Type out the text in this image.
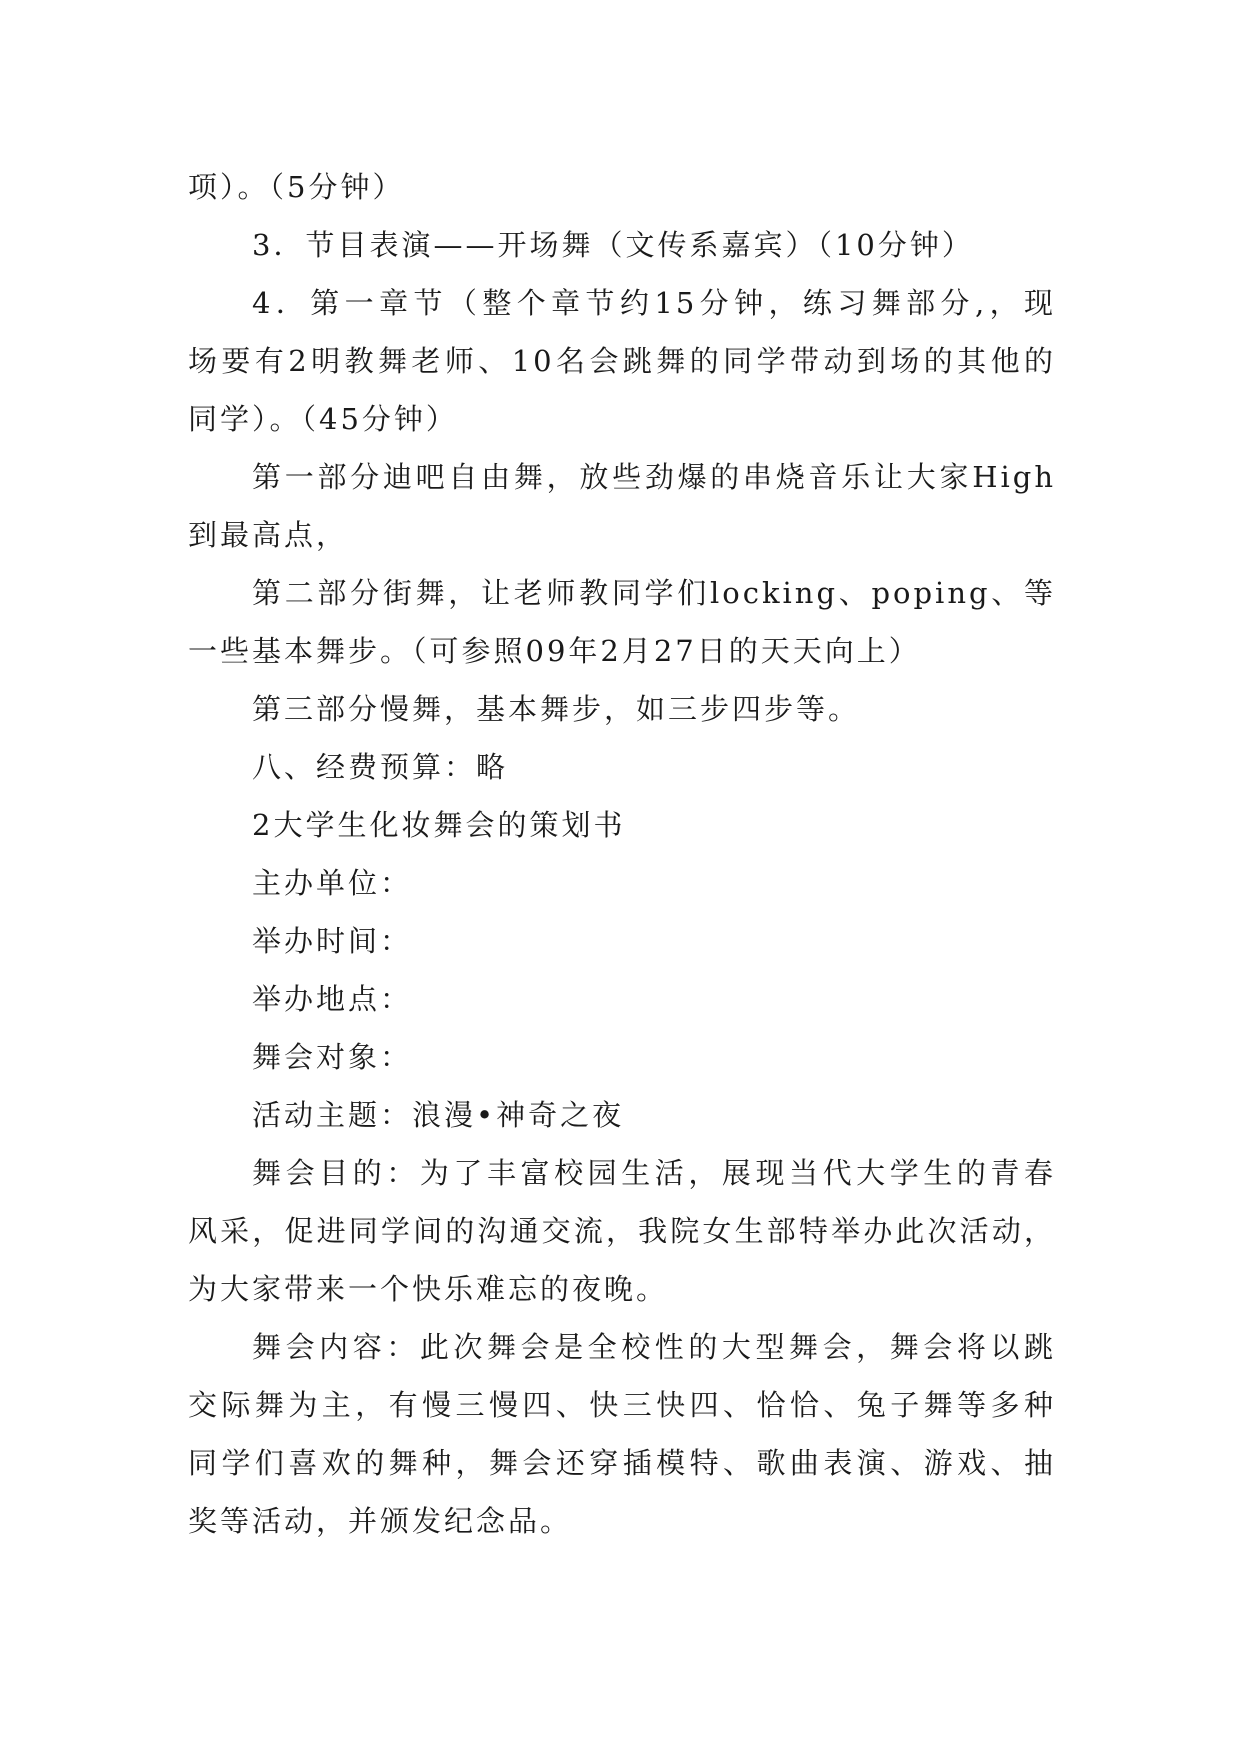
项）。（5分钟）
3．节目表演——开场舞（文传系嘉宾）（10分钟）
4．第一章节（整个章节约15分钟，练习舞部分,，现
场要有2明教舞老师、10名会跳舞的同学带动到场的其他的
同学）。（45分钟）
第一部分迪吧自由舞，放些劲爆的串烧音乐让大家High
到最高点，
第二部分街舞，让老师教同学们locking、poping、等
一些基本舞步。（可参照09年2月27日的天天向上）
第三部分慢舞，基本舞步，如三步四步等。
八、经费预算：略
2大学生化妆舞会的策划书
主办单位：
举办时间：
举办地点：
舞会对象：
活动主题：浪漫•神奇之夜
舞会目的：为了丰富校园生活，展现当代大学生的青春
风采，促进同学间的沟通交流，我院女生部特举办此次活动，
为大家带来一个快乐难忘的夜晚。
舞会内容：此次舞会是全校性的大型舞会，舞会将以跳
交际舞为主，有慢三慢四、快三快四、恰恰、兔子舞等多种
同学们喜欢的舞种，舞会还穿插模特、歌曲表演、游戏、抽
奖等活动，并颁发纪念品。
